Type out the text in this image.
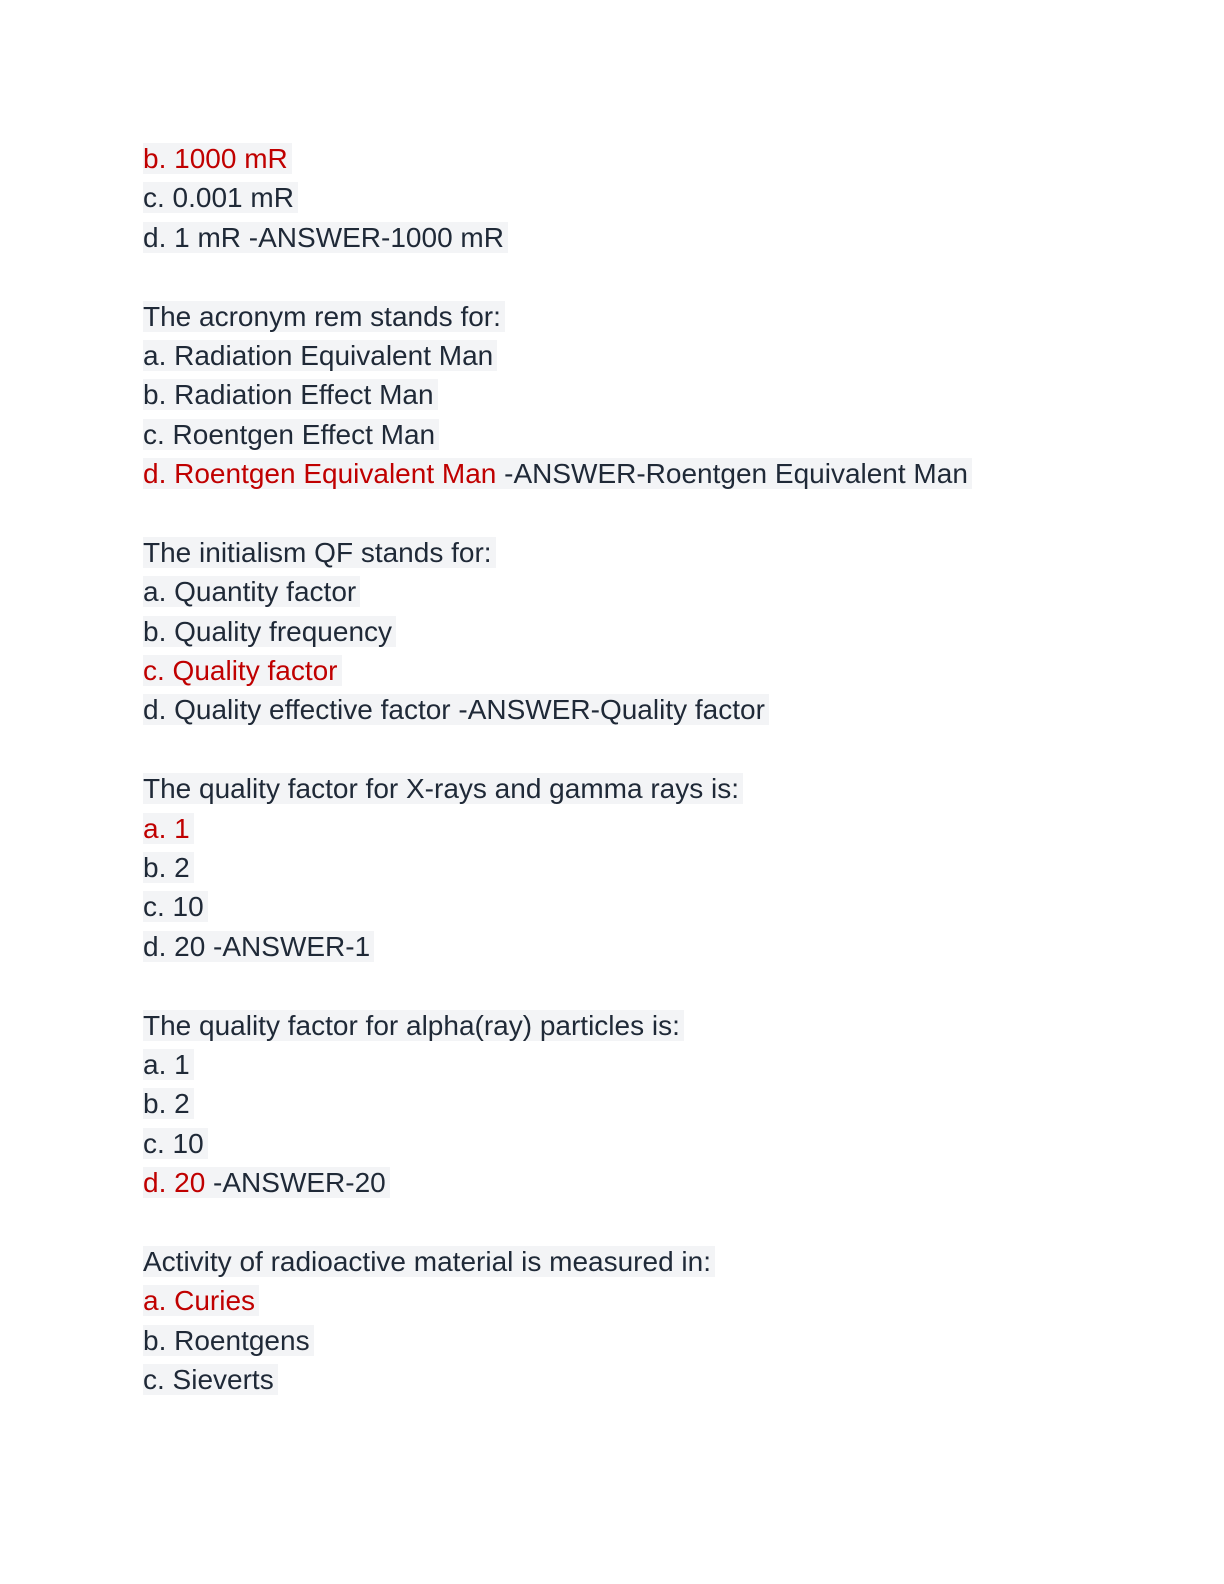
b. 1000 mR
c. 0.001 mR
d. 1 mR -ANSWER-1000 mR
The acronym rem stands for:
a. Radiation Equivalent Man
b. Radiation Effect Man
c. Roentgen Effect Man
d. Roentgen Equivalent Man -ANSWER-Roentgen Equivalent Man
The initialism QF stands for:
a. Quantity factor
b. Quality frequency
c. Quality factor
d. Quality effective factor -ANSWER-Quality factor
The quality factor for X-rays and gamma rays is:
a. 1
b. 2
c. 10
d. 20 -ANSWER-1
The quality factor for alpha(ray) particles is:
a. 1
b. 2
c. 10
d. 20 -ANSWER-20
Activity of radioactive material is measured in:
a. Curies
b. Roentgens
c. Sieverts
